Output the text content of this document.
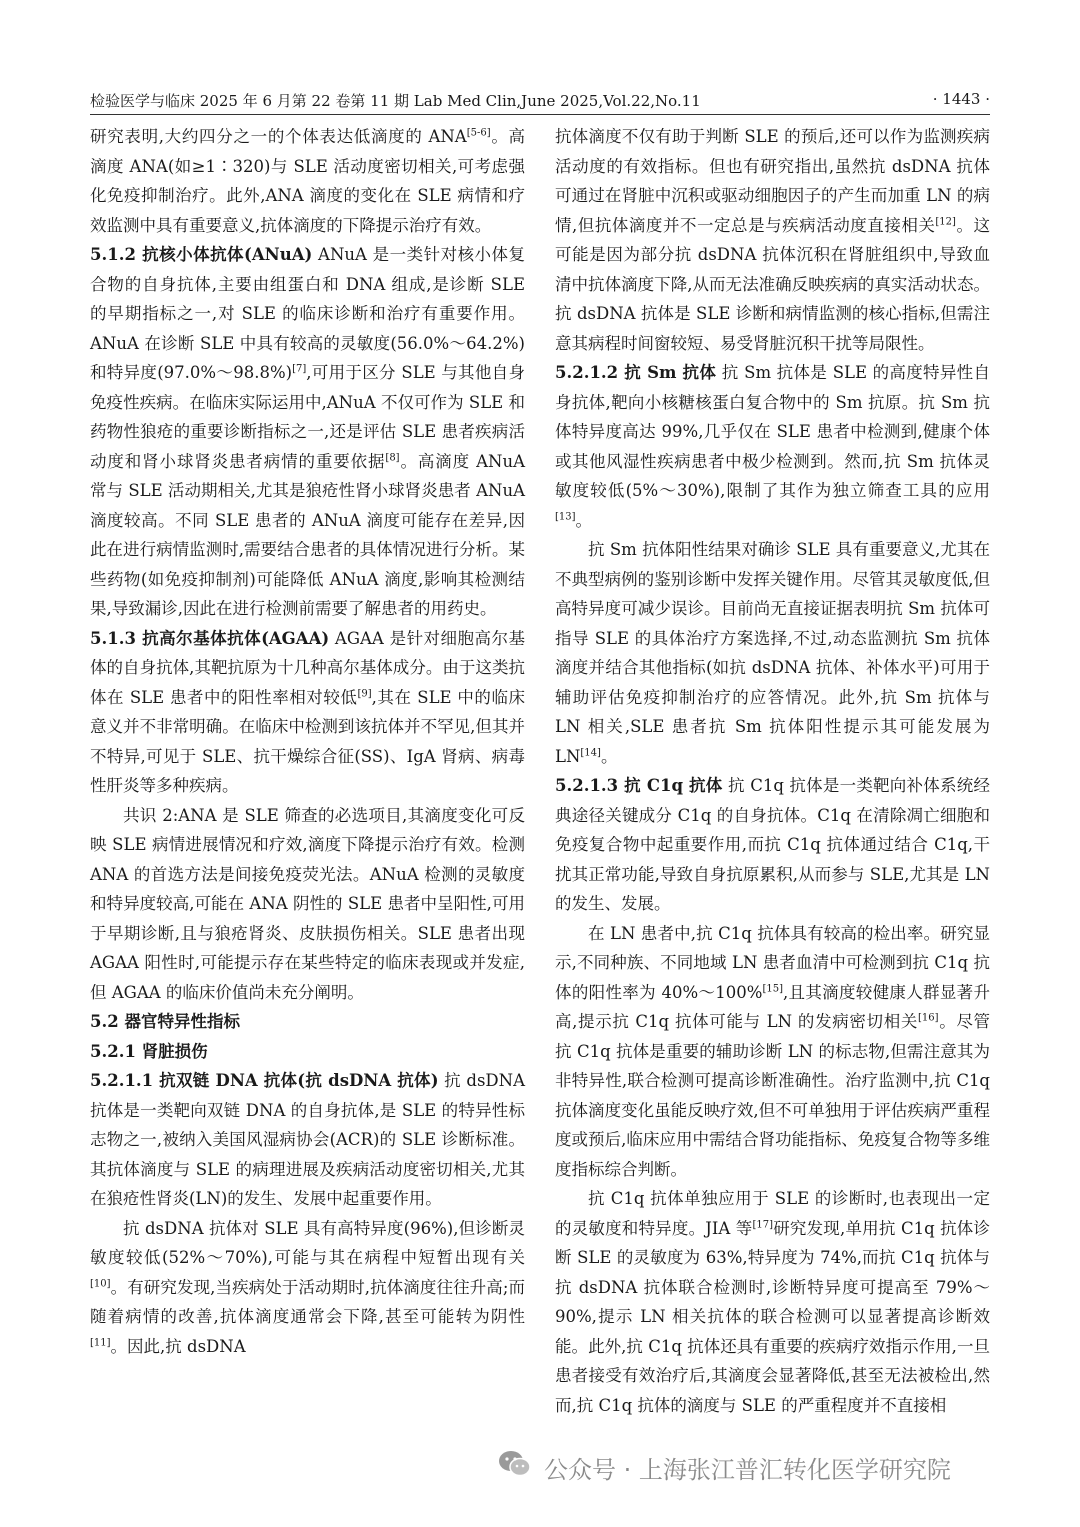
检验医学与临床 2025 年 6 月第 22 卷第 11 期 Lab Med Clin,June 2025,Vol.22,No.11	· 1443 ·

研究表明,大约四分之一的个体表达低滴度的 ANA[5-6]。高滴度 ANA(如≥1∶320)与 SLE 活动度密切相关,可考虑强化免疫抑制治疗。此外,ANA 滴度的变化在 SLE 病情和疗效监测中具有重要意义,抗体滴度的下降提示治疗有效。

5.1.2 抗核小体抗体(ANuA) ANuA 是一类针对核小体复合物的自身抗体,主要由组蛋白和 DNA 组成,是诊断 SLE 的早期指标之一,对 SLE 的临床诊断和治疗有重要作用。ANuA 在诊断 SLE 中具有较高的灵敏度(56.0%～64.2%)和特异度(97.0%～98.8%)[7],可用于区分 SLE 与其他自身免疫性疾病。在临床实际运用中,ANuA 不仅可作为 SLE 和药物性狼疮的重要诊断指标之一,还是评估 SLE 患者疾病活动度和肾小球肾炎患者病情的重要依据[8]。高滴度 ANuA 常与 SLE 活动期相关,尤其是狼疮性肾小球肾炎患者 ANuA 滴度较高。不同 SLE 患者的 ANuA 滴度可能存在差异,因此在进行病情监测时,需要结合患者的具体情况进行分析。某些药物(如免疫抑制剂)可能降低 ANuA 滴度,影响其检测结果,导致漏诊,因此在进行检测前需要了解患者的用药史。

5.1.3 抗高尔基体抗体(AGAA) AGAA 是针对细胞高尔基体的自身抗体,其靶抗原为十几种高尔基体成分。由于这类抗体在 SLE 患者中的阳性率相对较低[9],其在 SLE 中的临床意义并不非常明确。在临床中检测到该抗体并不罕见,但其并不特异,可见于 SLE、抗干燥综合征(SS)、IgA 肾病、病毒性肝炎等多种疾病。

共识 2:ANA 是 SLE 筛查的必选项目,其滴度变化可反映 SLE 病情进展情况和疗效,滴度下降提示治疗有效。检测 ANA 的首选方法是间接免疫荧光法。ANuA 检测的灵敏度和特异度较高,可能在 ANA 阴性的 SLE 患者中呈阳性,可用于早期诊断,且与狼疮肾炎、皮肤损伤相关。SLE 患者出现 AGAA 阳性时,可能提示存在某些特定的临床表现或并发症,但 AGAA 的临床价值尚未充分阐明。

5.2 器官特异性指标
5.2.1 肾脏损伤

5.2.1.1 抗双链 DNA 抗体(抗 dsDNA 抗体) 抗 dsDNA 抗体是一类靶向双链 DNA 的自身抗体,是 SLE 的特异性标志物之一,被纳入美国风湿病协会(ACR)的 SLE 诊断标准。其抗体滴度与 SLE 的病理进展及疾病活动度密切相关,尤其在狼疮性肾炎(LN)的发生、发展中起重要作用。

抗 dsDNA 抗体对 SLE 具有高特异度(96%),但诊断灵敏度较低(52%～70%),可能与其在病程中短暂出现有关[10]。有研究发现,当疾病处于活动期时,抗体滴度往往升高;而随着病情的改善,抗体滴度通常会下降,甚至可能转为阴性[11]。因此,抗 dsDNA

抗体滴度不仅有助于判断 SLE 的预后,还可以作为监测疾病活动度的有效指标。但也有研究指出,虽然抗 dsDNA 抗体可通过在肾脏中沉积或驱动细胞因子的产生而加重 LN 的病情,但抗体滴度并不一定总是与疾病活动度直接相关[12]。这可能是因为部分抗 dsDNA 抗体沉积在肾脏组织中,导致血清中抗体滴度下降,从而无法准确反映疾病的真实活动状态。抗 dsDNA 抗体是 SLE 诊断和病情监测的核心指标,但需注意其病程时间窗较短、易受肾脏沉积干扰等局限性。

5.2.1.2 抗 Sm 抗体 抗 Sm 抗体是 SLE 的高度特异性自身抗体,靶向小核糖核蛋白复合物中的 Sm 抗原。抗 Sm 抗体特异度高达 99%,几乎仅在 SLE 患者中检测到,健康个体或其他风湿性疾病患者中极少检测到。然而,抗 Sm 抗体灵敏度较低(5%～30%),限制了其作为独立筛查工具的应用[13]。

抗 Sm 抗体阳性结果对确诊 SLE 具有重要意义,尤其在不典型病例的鉴别诊断中发挥关键作用。尽管其灵敏度低,但高特异度可减少误诊。目前尚无直接证据表明抗 Sm 抗体可指导 SLE 的具体治疗方案选择,不过,动态监测抗 Sm 抗体滴度并结合其他指标(如抗 dsDNA 抗体、补体水平)可用于辅助评估免疫抑制治疗的应答情况。此外,抗 Sm 抗体与 LN 相关,SLE 患者抗 Sm 抗体阳性提示其可能发展为 LN[14]。

5.2.1.3 抗 C1q 抗体 抗 C1q 抗体是一类靶向补体系统经典途径关键成分 C1q 的自身抗体。C1q 在清除凋亡细胞和免疫复合物中起重要作用,而抗 C1q 抗体通过结合 C1q,干扰其正常功能,导致自身抗原累积,从而参与 SLE,尤其是 LN 的发生、发展。

在 LN 患者中,抗 C1q 抗体具有较高的检出率。研究显示,不同种族、不同地域 LN 患者血清中可检测到抗 C1q 抗体的阳性率为 40%～100%[15],且其滴度较健康人群显著升高,提示抗 C1q 抗体可能与 LN 的发病密切相关[16]。尽管抗 C1q 抗体是重要的辅助诊断 LN 的标志物,但需注意其为非特异性,联合检测可提高诊断准确性。治疗监测中,抗 C1q 抗体滴度变化虽能反映疗效,但不可单独用于评估疾病严重程度或预后,临床应用中需结合肾功能指标、免疫复合物等多维度指标综合判断。

抗 C1q 抗体单独应用于 SLE 的诊断时,也表现出一定的灵敏度和特异度。JIA 等[17]研究发现,单用抗 C1q 抗体诊断 SLE 的灵敏度为 63%,特异度为 74%,而抗 C1q 抗体与抗 dsDNA 抗体联合检测时,诊断特异度可提高至 79%～90%,提示 LN 相关抗体的联合检测可以显著提高诊断效能。此外,抗 C1q 抗体还具有重要的疾病疗效指示作用,一旦患者接受有效治疗后,其滴度会显著降低,甚至无法被检出,然而,抗 C1q 抗体的滴度与 SLE 的严重程度并不直接相

公众号 · 上海张江普汇转化医学研究院
